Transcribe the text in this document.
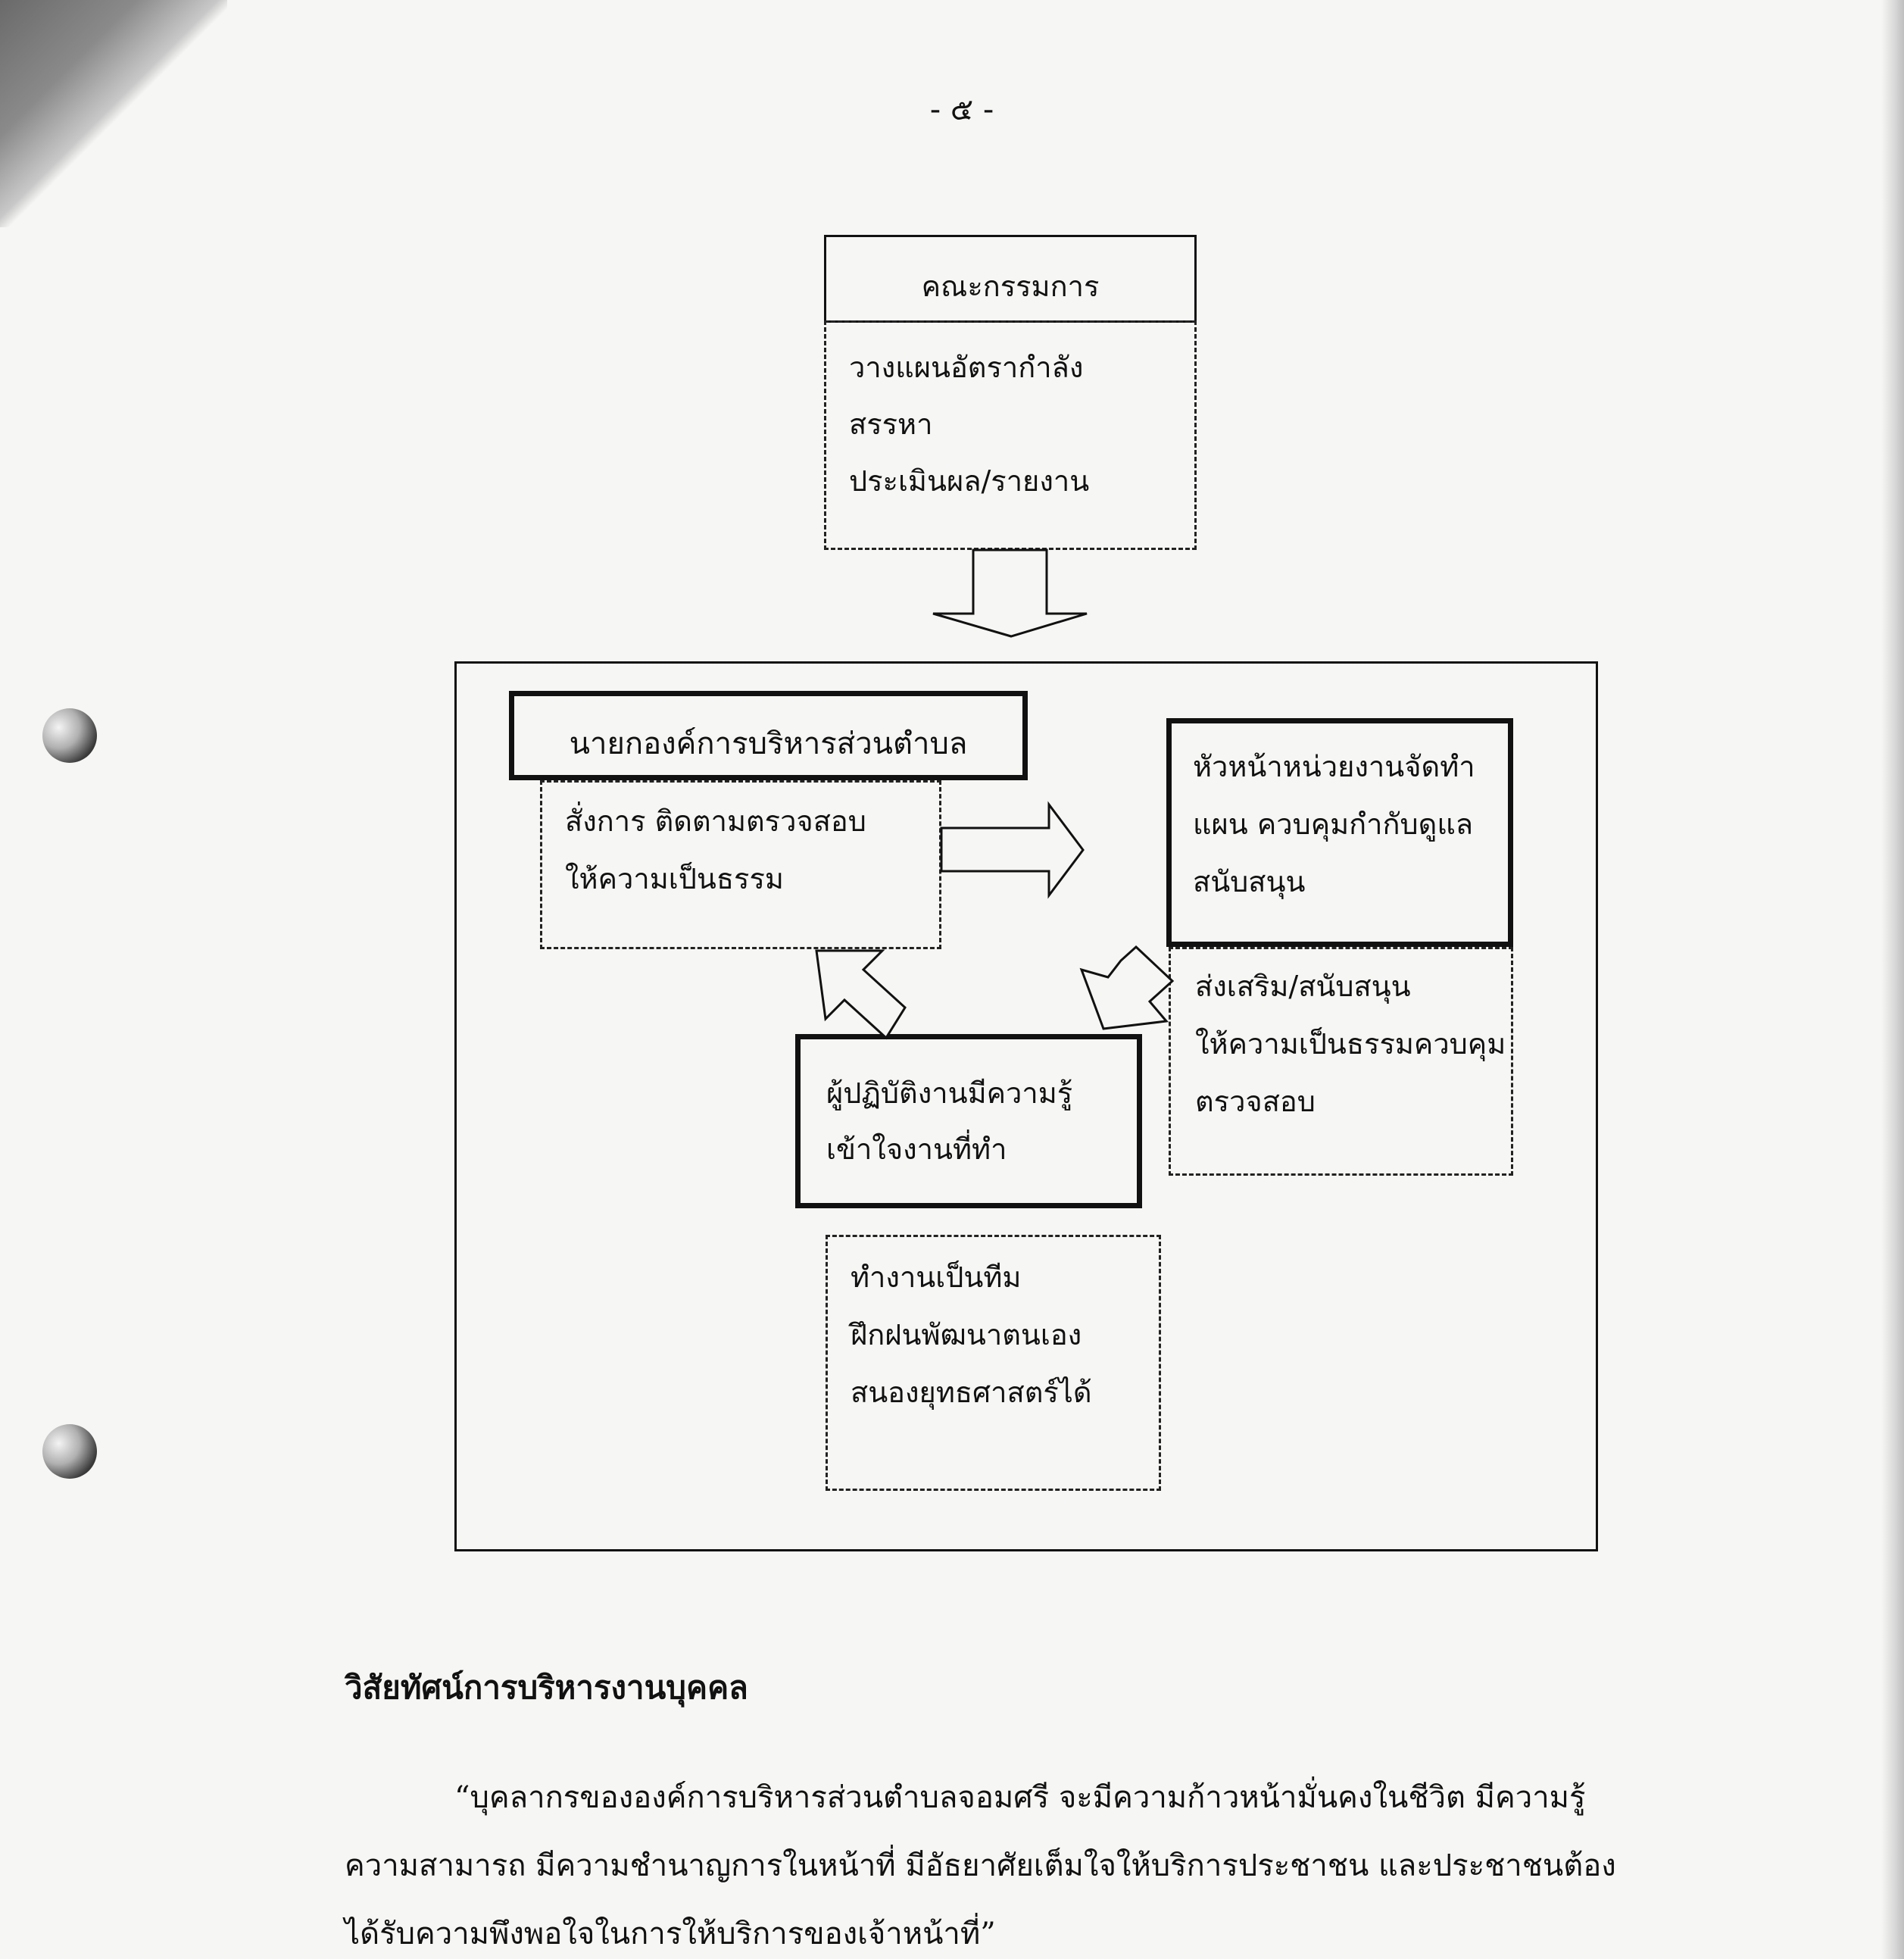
- ๕ -
คณะกรรมการ
วางแผนอัตรากำลัง
สรรหา
ประเมินผล/รายงาน
นายกองค์การบริหารส่วนตำบล
สั่งการ ติดตามตรวจสอบ
ให้ความเป็นธรรม
หัวหน้าหน่วยงานจัดทำ
แผน ควบคุมกำกับดูแล
สนับสนุน
ส่งเสริม/สนับสนุน
ให้ความเป็นธรรมควบคุม
ตรวจสอบ
ผู้ปฏิบัติงานมีความรู้
เข้าใจงานที่ทำ
ทำงานเป็นทีม
ฝึกฝนพัฒนาตนเอง
สนองยุทธศาสตร์ได้
วิสัยทัศน์การบริหารงานบุคคล
“บุคลากรขององค์การบริหารส่วนตำบลจอมศรี จะมีความก้าวหน้ามั่นคงในชีวิต มีความรู้
ความสามารถ มีความชำนาญการในหน้าที่ มีอัธยาศัยเต็มใจให้บริการประชาชน และประชาชนต้อง
ได้รับความพึงพอใจในการให้บริการของเจ้าหน้าที่”
